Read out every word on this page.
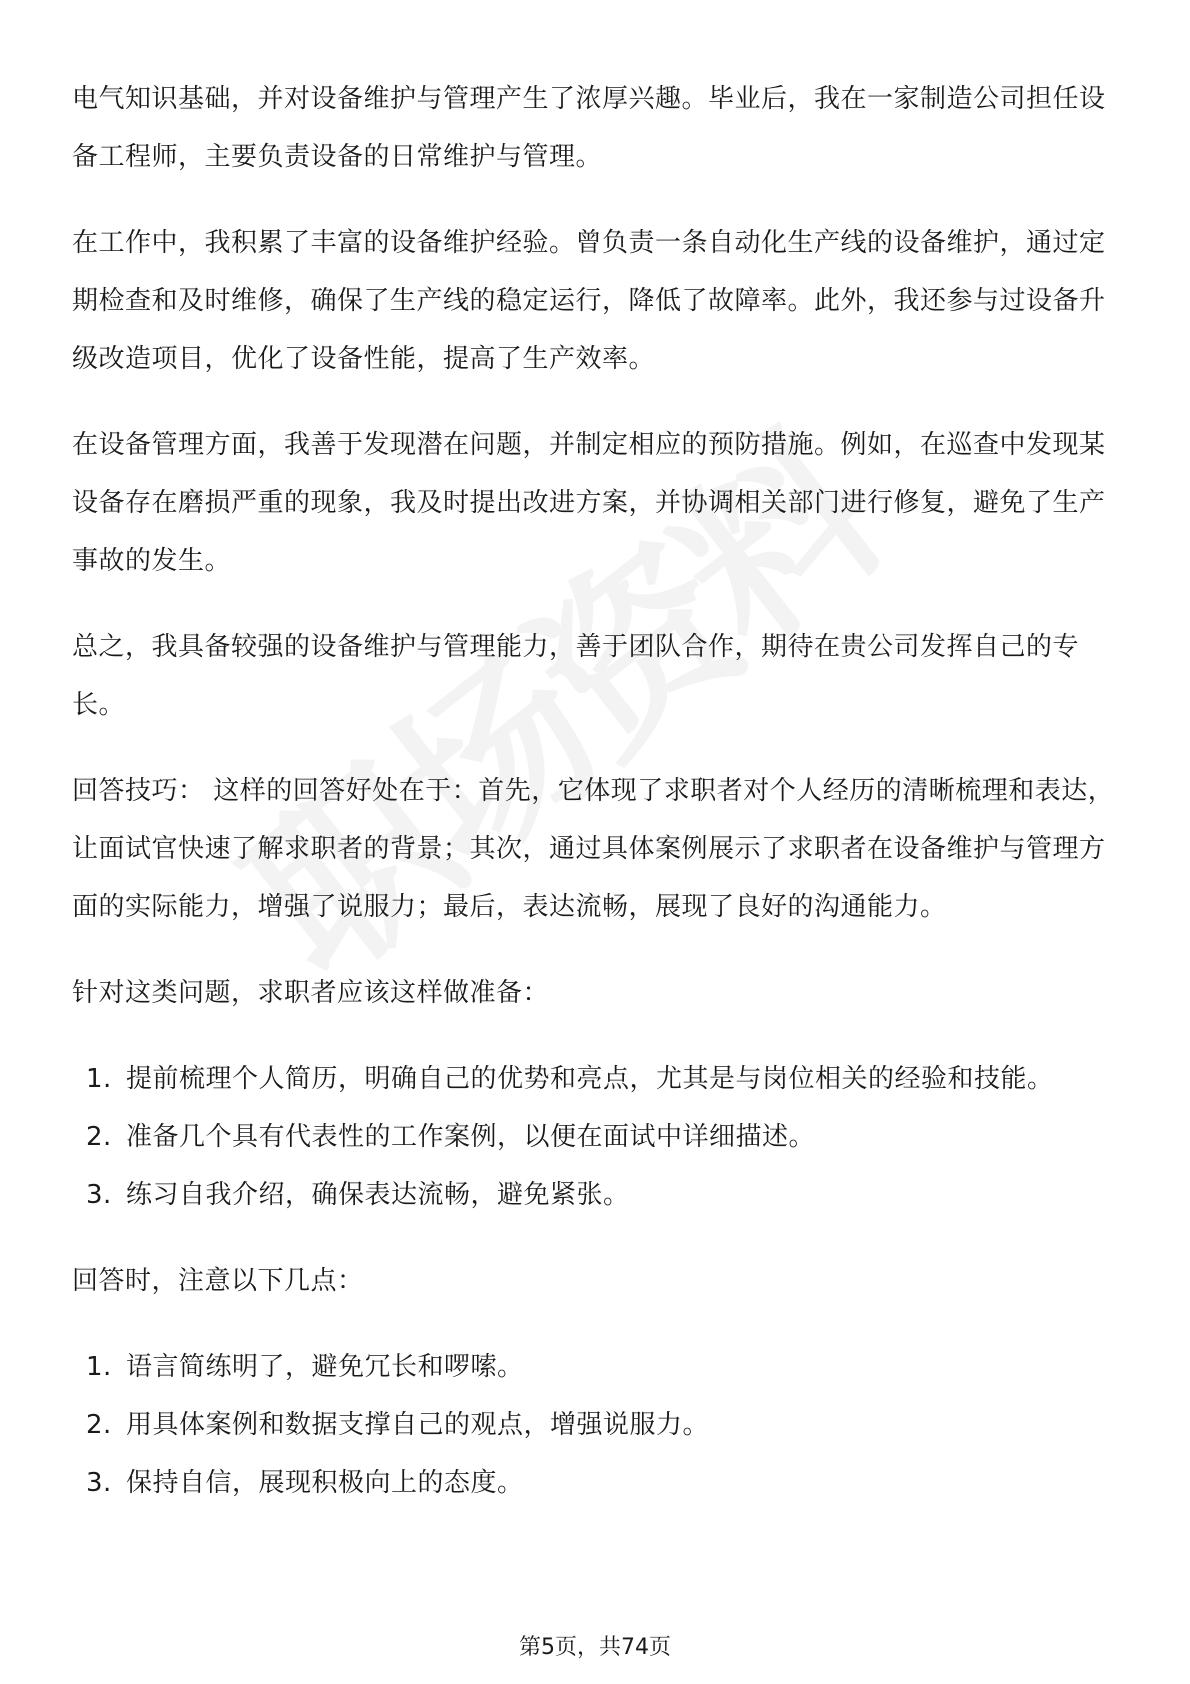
电气知识基础，并对设备维护与管理产生了浓厚兴趣。毕业后，我在一家制造公司担任设备工程师，主要负责设备的日常维护与管理。

在工作中，我积累了丰富的设备维护经验。曾负责一条自动化生产线的设备维护，通过定期检查和及时维修，确保了生产线的稳定运行，降低了故障率。此外，我还参与过设备升级改造项目，优化了设备性能，提高了生产效率。

在设备管理方面，我善于发现潜在问题，并制定相应的预防措施。例如，在巡查中发现某设备存在磨损严重的现象，我及时提出改进方案，并协调相关部门进行修复，避免了生产事故的发生。

总之，我具备较强的设备维护与管理能力，善于团队合作，期待在贵公司发挥自己的专长。

回答技巧： 这样的回答好处在于：首先，它体现了求职者对个人经历的清晰梳理和表达，让面试官快速了解求职者的背景；其次，通过具体案例展示了求职者在设备维护与管理方面的实际能力，增强了说服力；最后，表达流畅，展现了良好的沟通能力。

针对这类问题，求职者应该这样做准备：

1. 提前梳理个人简历，明确自己的优势和亮点，尤其是与岗位相关的经验和技能。
2. 准备几个具有代表性的工作案例，以便在面试中详细描述。
3. 练习自我介绍，确保表达流畅，避免紧张。

回答时，注意以下几点：

1. 语言简练明了，避免冗长和啰嗦。
2. 用具体案例和数据支撑自己的观点，增强说服力。
3. 保持自信，展现积极向上的态度。
第5页，共74页
